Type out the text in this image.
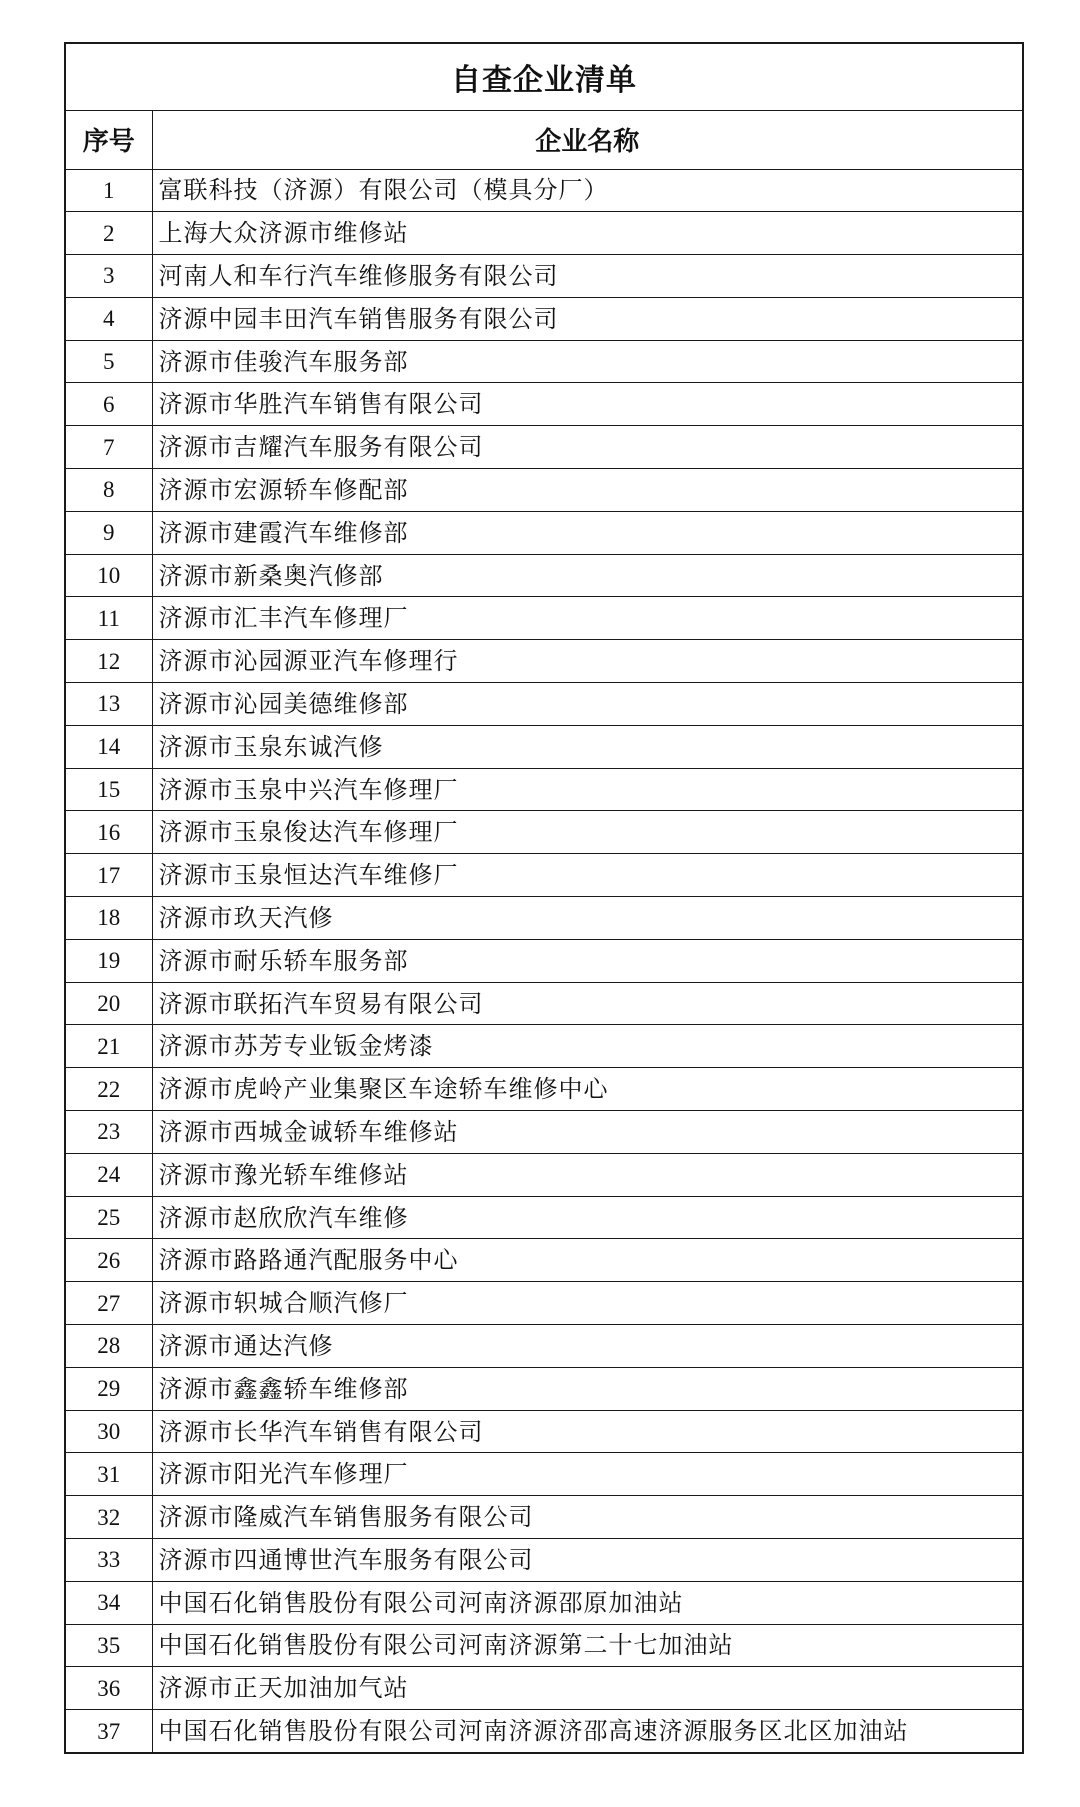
自查企业清单	
序号	企业名称
1	富联科技（济源）有限公司（模具分厂）
2	上海大众济源市维修站
3	河南人和车行汽车维修服务有限公司
4	济源中园丰田汽车销售服务有限公司
5	济源市佳骏汽车服务部
6	济源市华胜汽车销售有限公司
7	济源市吉耀汽车服务有限公司
8	济源市宏源轿车修配部
9	济源市建霞汽车维修部
10	济源市新桑奥汽修部
11	济源市汇丰汽车修理厂
12	济源市沁园源亚汽车修理行
13	济源市沁园美德维修部
14	济源市玉泉东诚汽修
15	济源市玉泉中兴汽车修理厂
16	济源市玉泉俊达汽车修理厂
17	济源市玉泉恒达汽车维修厂
18	济源市玖天汽修
19	济源市耐乐轿车服务部
20	济源市联拓汽车贸易有限公司
21	济源市苏芳专业钣金烤漆
22	济源市虎岭产业集聚区车途轿车维修中心
23	济源市西城金诚轿车维修站
24	济源市豫光轿车维修站
25	济源市赵欣欣汽车维修
26	济源市路路通汽配服务中心
27	济源市轵城合顺汽修厂
28	济源市通达汽修
29	济源市鑫鑫轿车维修部
30	济源市长华汽车销售有限公司
31	济源市阳光汽车修理厂
32	济源市隆威汽车销售服务有限公司
33	济源市四通博世汽车服务有限公司
34	中国石化销售股份有限公司河南济源邵原加油站
35	中国石化销售股份有限公司河南济源第二十七加油站
36	济源市正天加油加气站
37	中国石化销售股份有限公司河南济源济邵高速济源服务区北区加油站
